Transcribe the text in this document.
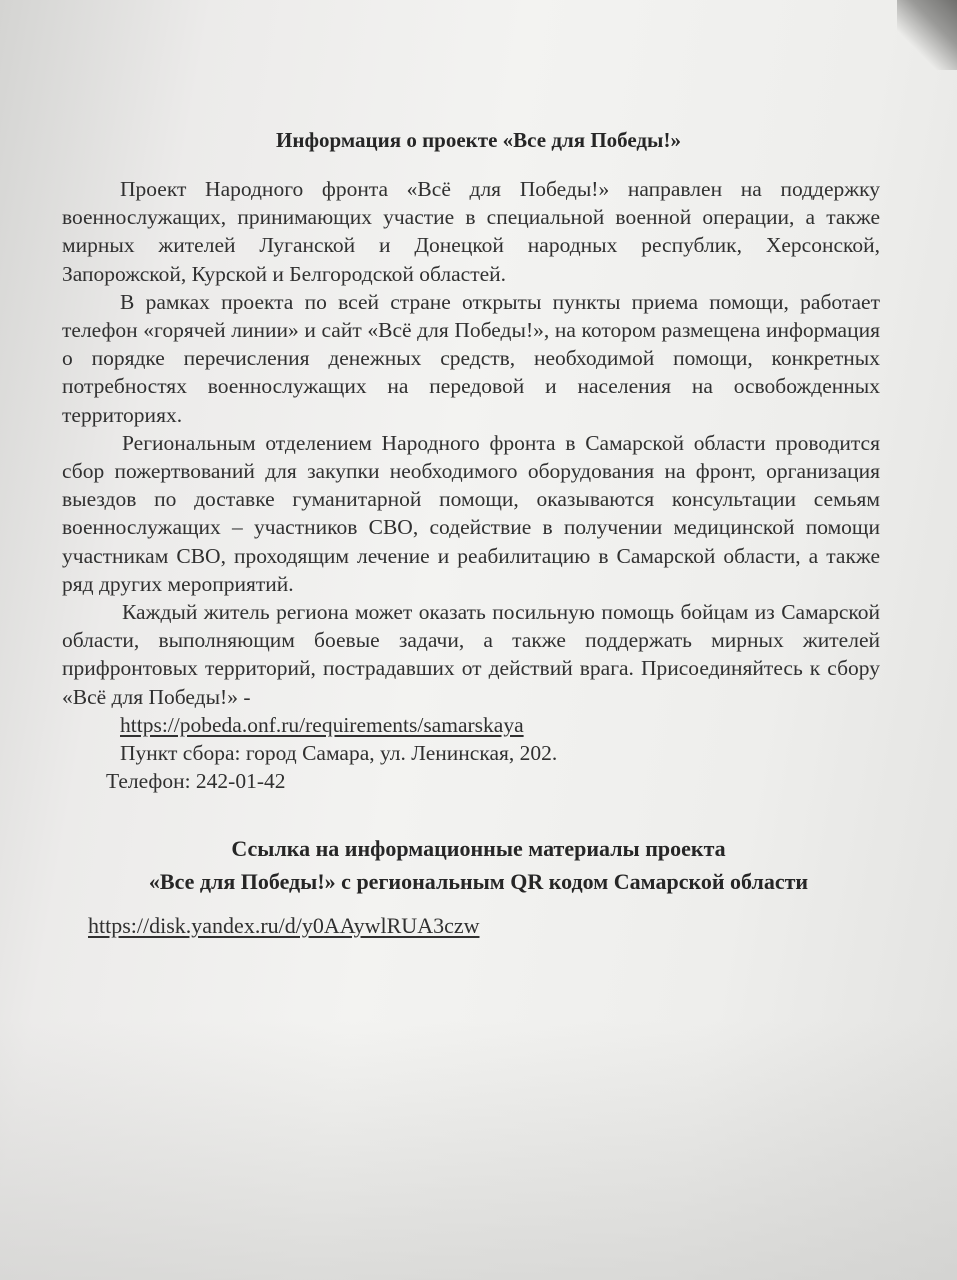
Информация о проекте «Все для Победы!»

Проект Народного фронта «Всё для Победы!» направлен на поддержку военнослужащих, принимающих участие в специальной военной операции, а также мирных жителей Луганской и Донецкой народных республик, Херсонской, Запорожской, Курской и Белгородской областей.

В рамках проекта по всей стране открыты пункты приема помощи, работает телефон «горячей линии» и сайт «Всё для Победы!», на котором размещена информация о порядке перечисления денежных средств, необходимой помощи, конкретных потребностях военнослужащих на передовой и населения на освобожденных территориях.

Региональным отделением Народного фронта в Самарской области проводится сбор пожертвований для закупки необходимого оборудования на фронт, организация выездов по доставке гуманитарной помощи, оказываются консультации семьям военнослужащих – участников СВО, содействие в получении медицинской помощи участникам СВО, проходящим лечение и реабилитацию в Самарской области, а также ряд других мероприятий.

Каждый житель региона может оказать посильную помощь бойцам из Самарской области, выполняющим боевые задачи, а также поддержать мирных жителей прифронтовых территорий, пострадавших от действий врага. Присоединяйтесь к сбору «Всё для Победы!» -

https://pobeda.onf.ru/requirements/samarskaya

Пункт сбора: город Самара, ул. Ленинская, 202.

Телефон: 242-01-42

Ссылка на информационные материалы проекта
«Все для Победы!» с региональным QR кодом Самарской области
https://disk.yandex.ru/d/y0AAywlRUA3czw
